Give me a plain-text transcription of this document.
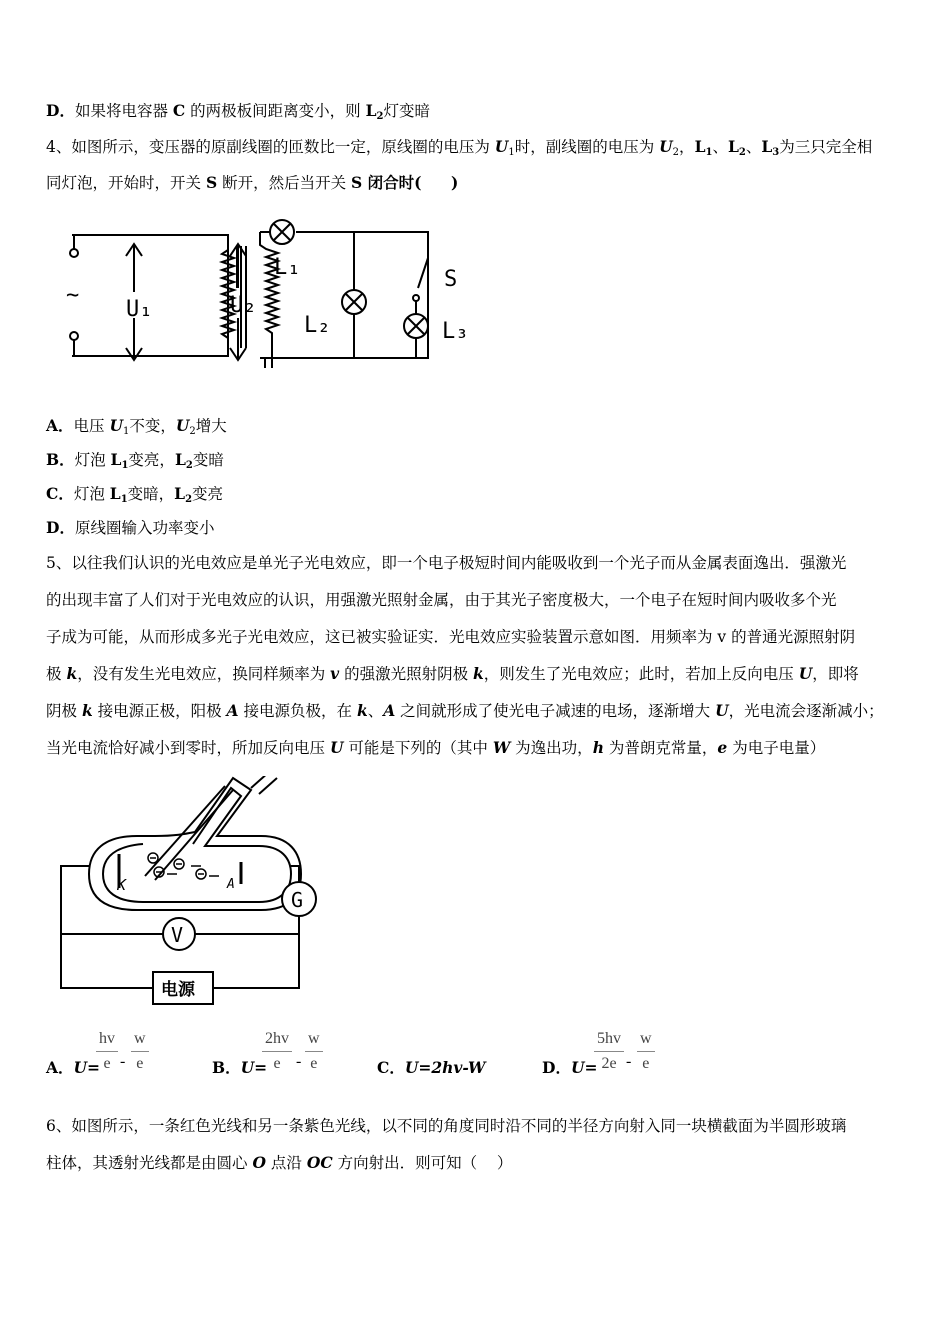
D．如果将电容器 C 的两极板间距离变小，则 $L_2$灯变暗
4、如图所示，变压器的原副线圈的匝数比一定，原线圈的电压为 $U_1$时，副线圈的电压为 $U_2$，$L_1$、$L_2$、$L_3$为三只完全相
同灯泡，开始时，开关 S 断开，然后当开关 S 闭合时( )
~
U₁	U₂
L₁
L₂
S
L₃
A．电压 $U_1$不变，$U_2$增大
B．灯泡 $L_1$变亮，$L_2$变暗
C．灯泡 $L_1$变暗，$L_2$变亮
D．原线圈输入功率变小
5、以往我们认识的光电效应是单光子光电效应，即一个电子极短时间内能吸收到一个光子而从金属表面逸出．强激光
的出现丰富了人们对于光电效应的认识，用强激光照射金属，由于其光子密度极大，一个电子在短时间内吸收多个光
子成为可能，从而形成多光子光电效应，这已被实验证实．光电效应实验装置示意如图．用频率为 v 的普通光源照射阴
极 k，没有发生光电效应，换同样频率为 v 的强激光照射阴极 k，则发生了光电效应；此时，若加上反向电压 U，即将
阴极 k 接电源正极，阳极 A 接电源负极，在 k、A 之间就形成了使光电子减速的电场，逐渐增大 U，光电流会逐渐减小；
当光电流恰好减小到零时，所加反向电压 U 可能是下列的（其中 W 为逸出功，h 为普朗克常量，e 为电子电量）
G
V
电源
K	A
A．U=
$\frac{hv}{e} - \frac{w}{e}$	B．U=
$\frac{2hv}{e} - \frac{w}{e}$	C．U=2hv-W	D．U=
$\frac{5hv}{2e} - \frac{w}{e}$
6、如图所示，一条红色光线和另一条紫色光线，以不同的角度同时沿不同的半径方向射入同一块横截面为半圆形玻璃
柱体，其透射光线都是由圆心 O 点沿 OC 方向射出．则可知（ ）
